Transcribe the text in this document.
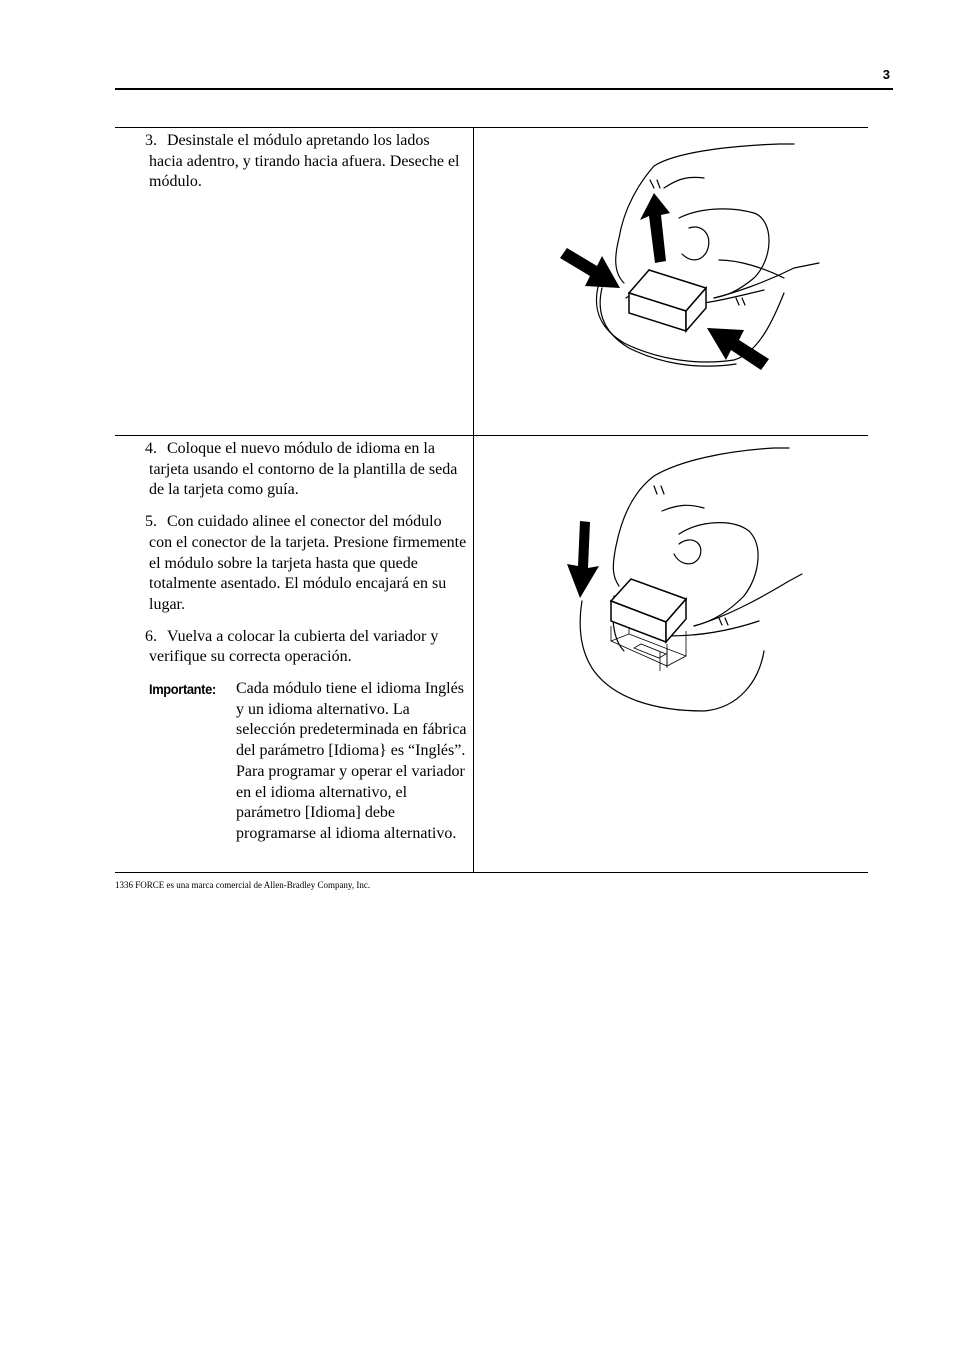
3

3. Desinstale el módulo apretando los lados hacia adentro, y tirando hacia afuera. Deseche el módulo.

4. Coloque el nuevo módulo de idioma en la tarjeta usando el contorno de la plantilla de seda de la tarjeta como guía.

5. Con cuidado alinee el conector del módulo con el conector de la tarjeta. Presione firmemente el módulo sobre la tarjeta hasta que quede totalmente asentado. El módulo encajará en su lugar.

6. Vuelva a colocar la cubierta del variador y verifique su correcta operación.

Importante: Cada módulo tiene el idioma Inglés y un idioma alternativo. La selección predeterminada en fábrica del parámetro [Idioma} es “Inglés”. Para programar y operar el variador en el idioma alternativo, el parámetro [Idioma] debe programarse al idioma alternativo.

1336 FORCE es una marca comercial de Allen-Bradley Company, Inc.
